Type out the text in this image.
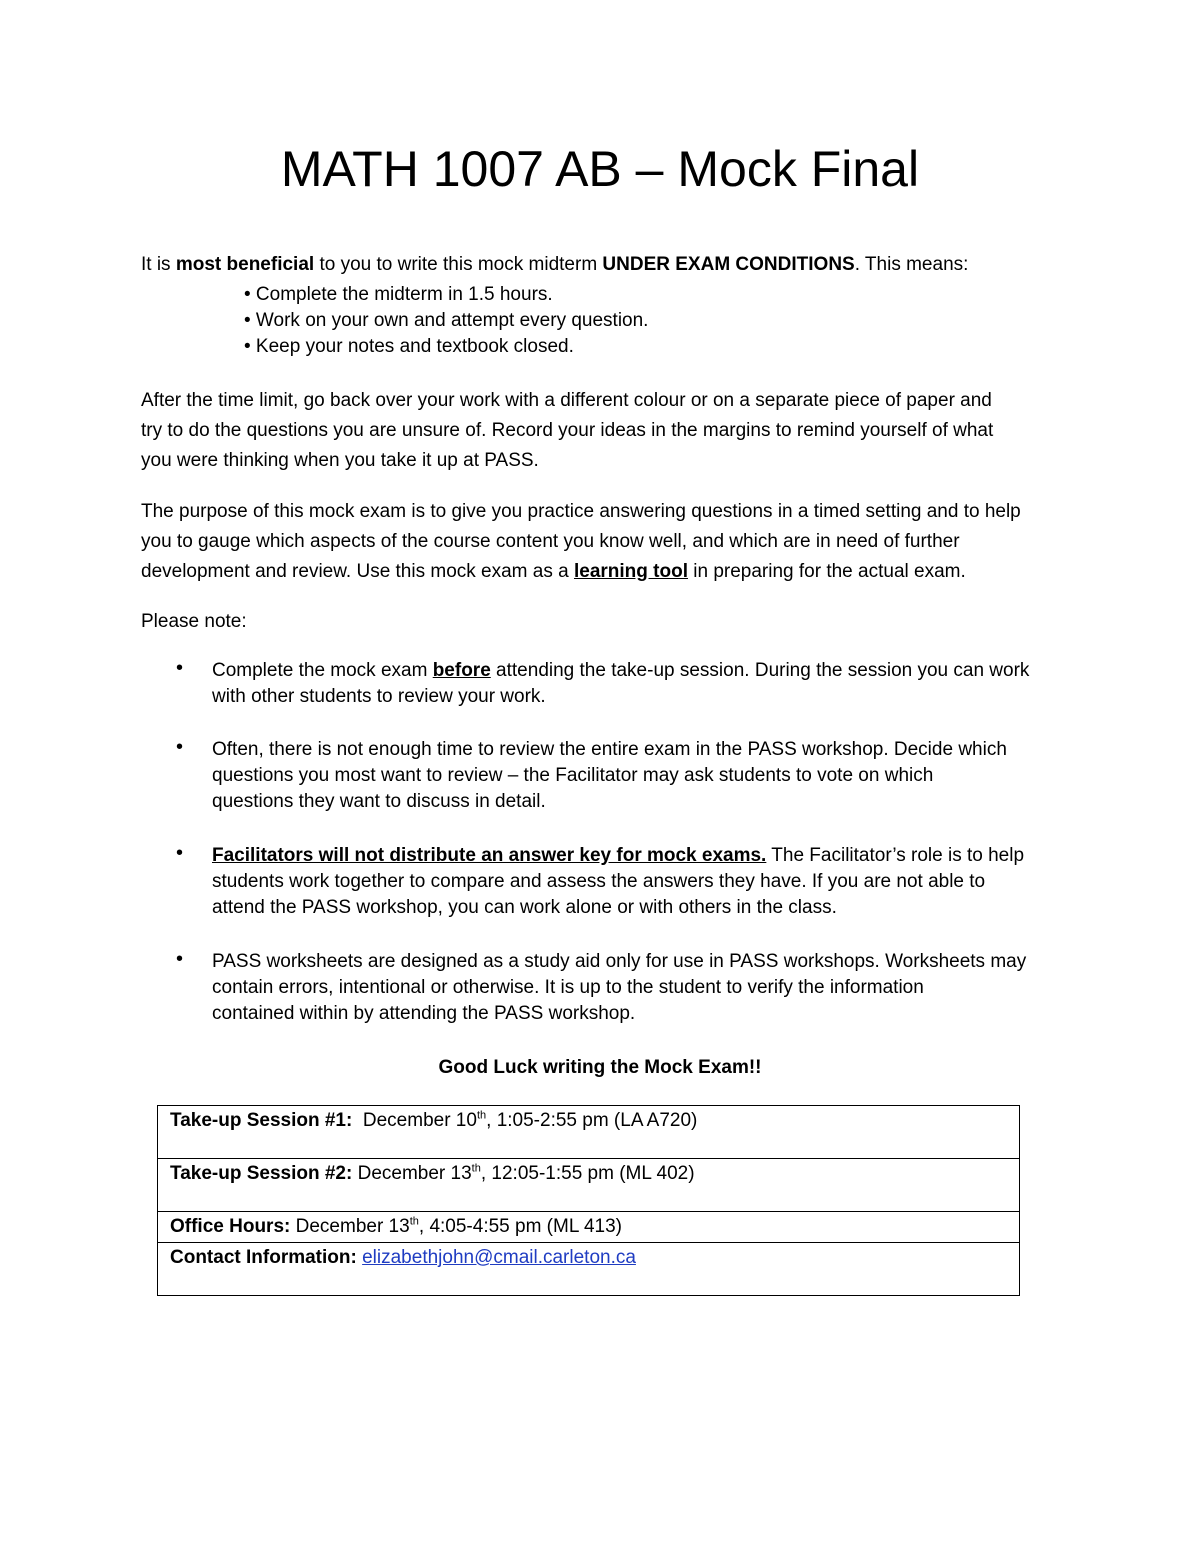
MATH 1007 AB – Mock Final
It is most beneficial to you to write this mock midterm UNDER EXAM CONDITIONS. This means:
• Complete the midterm in 1.5 hours.
• Work on your own and attempt every question.
• Keep your notes and textbook closed.
After the time limit, go back over your work with a different colour or on a separate piece of paper and
try to do the questions you are unsure of. Record your ideas in the margins to remind yourself of what
you were thinking when you take it up at PASS.
The purpose of this mock exam is to give you practice answering questions in a timed setting and to help
you to gauge which aspects of the course content you know well, and which are in need of further
development and review. Use this mock exam as a learning tool in preparing for the actual exam.
Please note:
• Complete the mock exam before attending the take-up session. During the session you can work
with other students to review your work.
• Often, there is not enough time to review the entire exam in the PASS workshop. Decide which
questions you most want to review – the Facilitator may ask students to vote on which
questions they want to discuss in detail.
• Facilitators will not distribute an answer key for mock exams. The Facilitator’s role is to help
students work together to compare and assess the answers they have. If you are not able to
attend the PASS workshop, you can work alone or with others in the class.
• PASS worksheets are designed as a study aid only for use in PASS workshops. Worksheets may
contain errors, intentional or otherwise. It is up to the student to verify the information
contained within by attending the PASS workshop.
Good Luck writing the Mock Exam!!
Take-up Session #1:  December 10th, 1:05-2:55 pm (LA A720)
Take-up Session #2: December 13th, 12:05-1:55 pm (ML 402)
Office Hours: December 13th, 4:05-4:55 pm (ML 413)
Contact Information: elizabethjohn@cmail.carleton.ca
